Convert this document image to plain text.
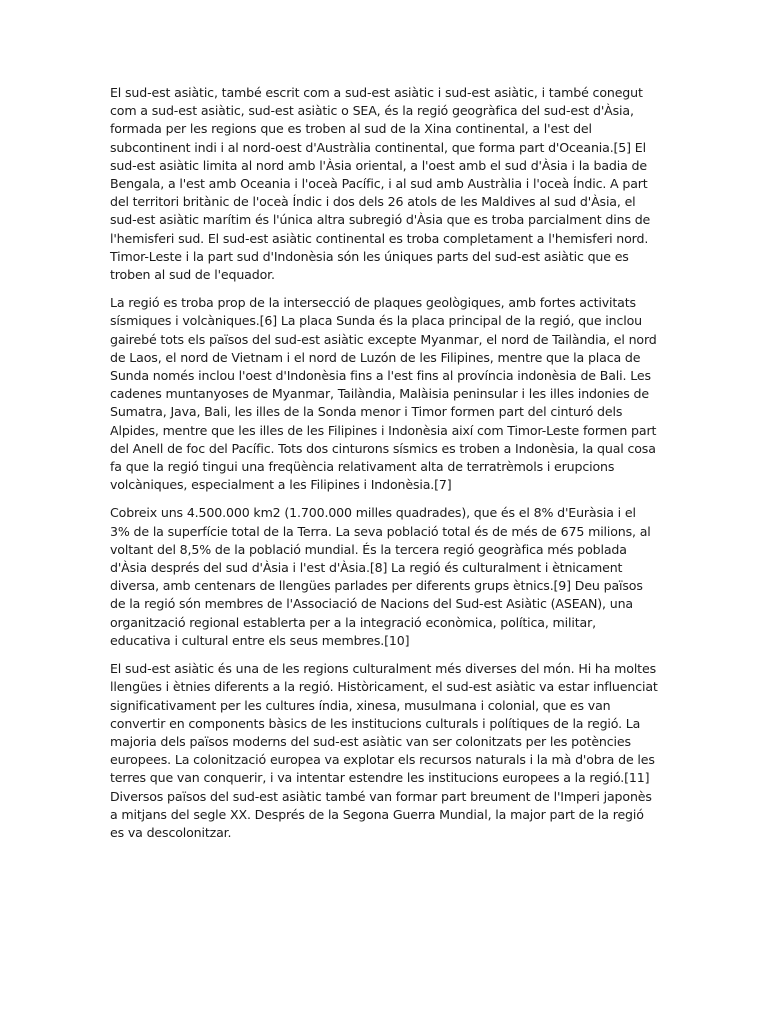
El sud-est asiàtic, també escrit com a sud-est asiàtic i sud-est asiàtic, i també conegut com a sud-est asiàtic, sud-est asiàtic o SEA, és la regió geogràfica del sud-est d'Àsia, formada per les regions que es troben al sud de la Xina continental, a l'est del subcontinent indi i al nord-oest d'Austràlia continental, que forma part d'Oceania.[5] El sud-est asiàtic limita al nord amb l'Àsia oriental, a l'oest amb el sud d'Àsia i la badia de Bengala, a l'est amb Oceania i l'oceà Pacífic, i al sud amb Austràlia i l'oceà Índic. A part del territori britànic de l'oceà Índic i dos dels 26 atols de les Maldives al sud d'Àsia, el sud-est asiàtic marítim és l'única altra subregió d'Àsia que es troba parcialment dins de l'hemisferi sud. El sud-est asiàtic continental es troba completament a l'hemisferi nord. Timor-Leste i la part sud d'Indonèsia són les úniques parts del sud-est asiàtic que es troben al sud de l'equador.

La regió es troba prop de la intersecció de plaques geològiques, amb fortes activitats sísmiques i volcàniques.[6] La placa Sunda és la placa principal de la regió, que inclou gairebé tots els països del sud-est asiàtic excepte Myanmar, el nord de Tailàndia, el nord de Laos, el nord de Vietnam i el nord de Luzón de les Filipines, mentre que la placa de Sunda només inclou l'oest d'Indonèsia fins a l'est fins al província indonèsia de Bali. Les cadenes muntanyoses de Myanmar, Tailàndia, Malàisia peninsular i les illes indonies de Sumatra, Java, Bali, les illes de la Sonda menor i Timor formen part del cinturó dels Alpides, mentre que les illes de les Filipines i Indonèsia així com Timor-Leste formen part del Anell de foc del Pacífic. Tots dos cinturons sísmics es troben a Indonèsia, la qual cosa fa que la regió tingui una freqüència relativament alta de terratrèmols i erupcions volcàniques, especialment a les Filipines i Indonèsia.[7]

Cobreix uns 4.500.000 km2 (1.700.000 milles quadrades), que és el 8% d'Euràsia i el 3% de la superfície total de la Terra. La seva població total és de més de 675 milions, al voltant del 8,5% de la població mundial. És la tercera regió geogràfica més poblada d'Àsia després del sud d'Àsia i l'est d'Àsia.[8] La regió és culturalment i ètnicament diversa, amb centenars de llengües parlades per diferents grups ètnics.[9] Deu països de la regió són membres de l'Associació de Nacions del Sud-est Asiàtic (ASEAN), una organització regional establerta per a la integració econòmica, política, militar, educativa i cultural entre els seus membres.[10]

El sud-est asiàtic és una de les regions culturalment més diverses del món. Hi ha moltes llengües i ètnies diferents a la regió. Històricament, el sud-est asiàtic va estar influenciat significativament per les cultures índia, xinesa, musulmana i colonial, que es van convertir en components bàsics de les institucions culturals i polítiques de la regió. La majoria dels països moderns del sud-est asiàtic van ser colonitzats per les potències europees. La colonització europea va explotar els recursos naturals i la mà d'obra de les terres que van conquerir, i va intentar estendre les institucions europees a la regió.[11] Diversos països del sud-est asiàtic també van formar part breument de l'Imperi japonès a mitjans del segle XX. Després de la Segona Guerra Mundial, la major part de la regió es va descolonitzar.
